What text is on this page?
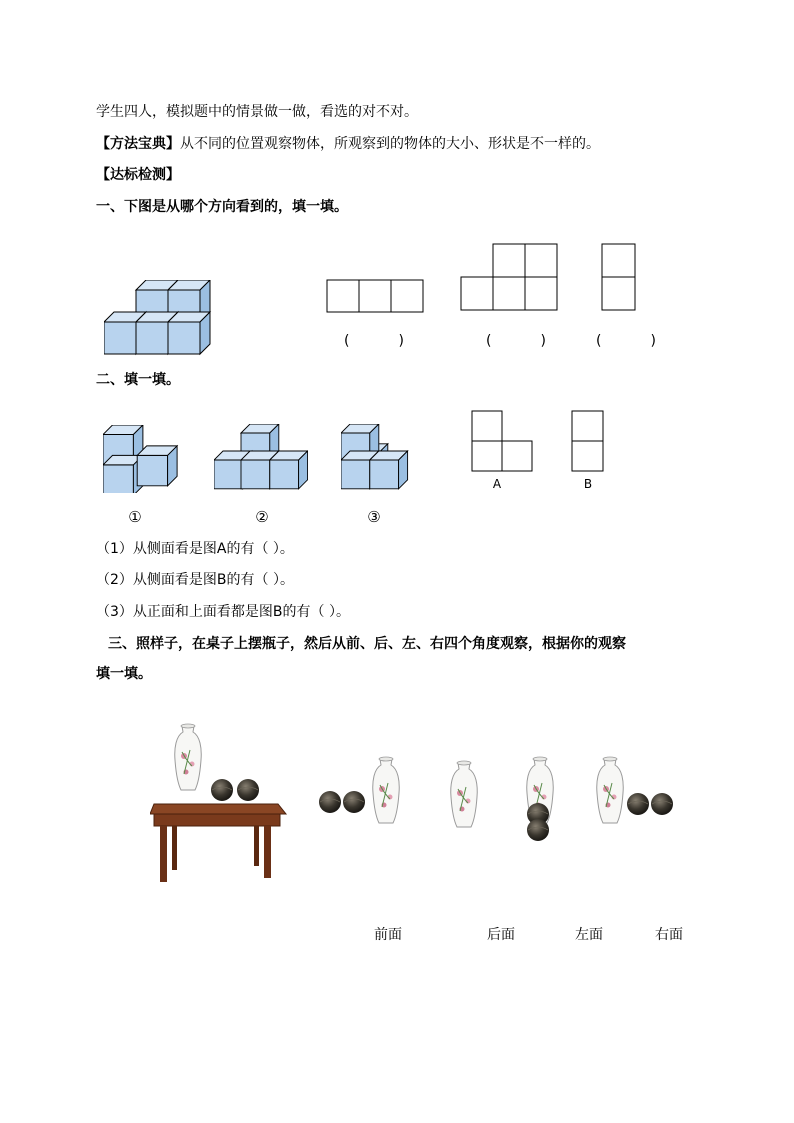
学生四人，模拟题中的情景做一做，看选的对不对。
【方法宝典】从不同的位置观察物体，所观察到的物体的大小、形状是不一样的。
【达标检测】
一、下图是从哪个方向看到的，填一填。
(	)	(	)	(	)
二、填一填。
A	B
①	②	③
（1）从侧面看是图A的有（ ）。
（2）从侧面看是图B的有（ ）。
（3）从正面和上面看都是图B的有（ ）。
三、照样子，在桌子上摆瓶子，然后从前、后、左、右四个角度观察，根据你的观察
填一填。
前面	后面	左面	右面
